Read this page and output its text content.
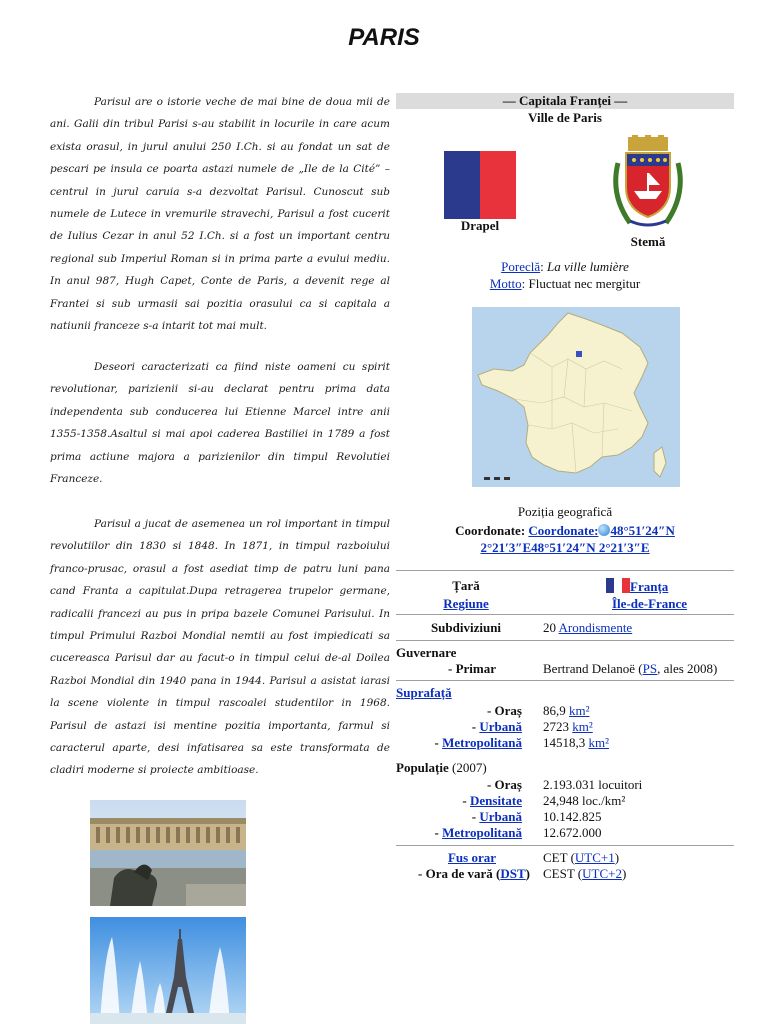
PARIS

Parisul are o istorie veche de mai bine de doua mii de ani. Galii din tribul Parisi s-au stabilit in locurile in care acum exista orasul, in jurul anului 250 I.Ch. si au fondat un sat de pescari pe insula ce poarta astazi numele de „Ile de la Cité” – centrul in jurul caruia s-a dezvoltat Parisul. Cunoscut sub numele de Lutece in vremurile stravechi, Parisul a fost cucerit de Iulius Cezar in anul 52 I.Ch. si a fost un important centru regional sub Imperiul Roman si in prima parte a evului mediu. In anul 987, Hugh Capet, Conte de Paris, a devenit rege al Frantei si sub urmasii sai pozitia orasului ca si capitala a natiunii franceze s-a intarit tot mai mult.

Deseori caracterizati ca fiind niste oameni cu spirit revolutionar, parizienii si-au declarat pentru prima data independenta sub conducerea lui Etienne Marcel intre anii 1355-1358.Asaltul si mai apoi caderea Bastiliei in 1789 a fost prima actiune majora a parizienilor din timpul Revolutiei Franceze.

Parisul a jucat de asemenea un rol important in timpul revolutiilor din 1830 si 1848. In 1871, in timpul razboiului franco-prusac, orasul a fost asediat timp de patru luni pana cand Franta a capitulat.Dupa retragerea trupelor germane, radicalii francezi au pus in pripa bazele Comunei Parisului. In timpul Primului Razboi Mondial nemtii au fost impiedicati sa cucereasca Parisul dar au facut-o in timpul celui de-al Doilea Razboi Mondial din 1940 pana in 1944. Parisul a asistat iarasi la scene violente in timpul rascoalei studentilor in 1968. Parisul de astazi isi mentine pozitia importanta, farmul si caracterul aparte, desi infatisarea sa este transformata de cladiri moderne si proiecte ambitioase.

— Capitala Franței —
Ville de Paris
Drapel
Stemă
Poreclă: La ville lumière
Motto: Fluctuat nec mergitur
Poziția geografică
Coordonate: Coordonate: 48°51′24″N
2°21′3″E48°51′24″N 2°21′3″E
Țară	Franța
Regiune	Île-de-France
Subdiviziuni	20 Arondismente
Guvernare
- Primar	Bertrand Delanoë (PS, ales 2008)
Suprafață
- Oraș 86,9 km²
- Urbană 2723 km²
- Metropolitană 14518,3 km²
Populație (2007)
- Oraș 2.193.031 locuitori
- Densitate 24,948 loc./km²
- Urbană 10.142.825
- Metropolitană 12.672.000
Fus orar	CET (UTC+1)
- Ora de vară (DST) CEST (UTC+2)
